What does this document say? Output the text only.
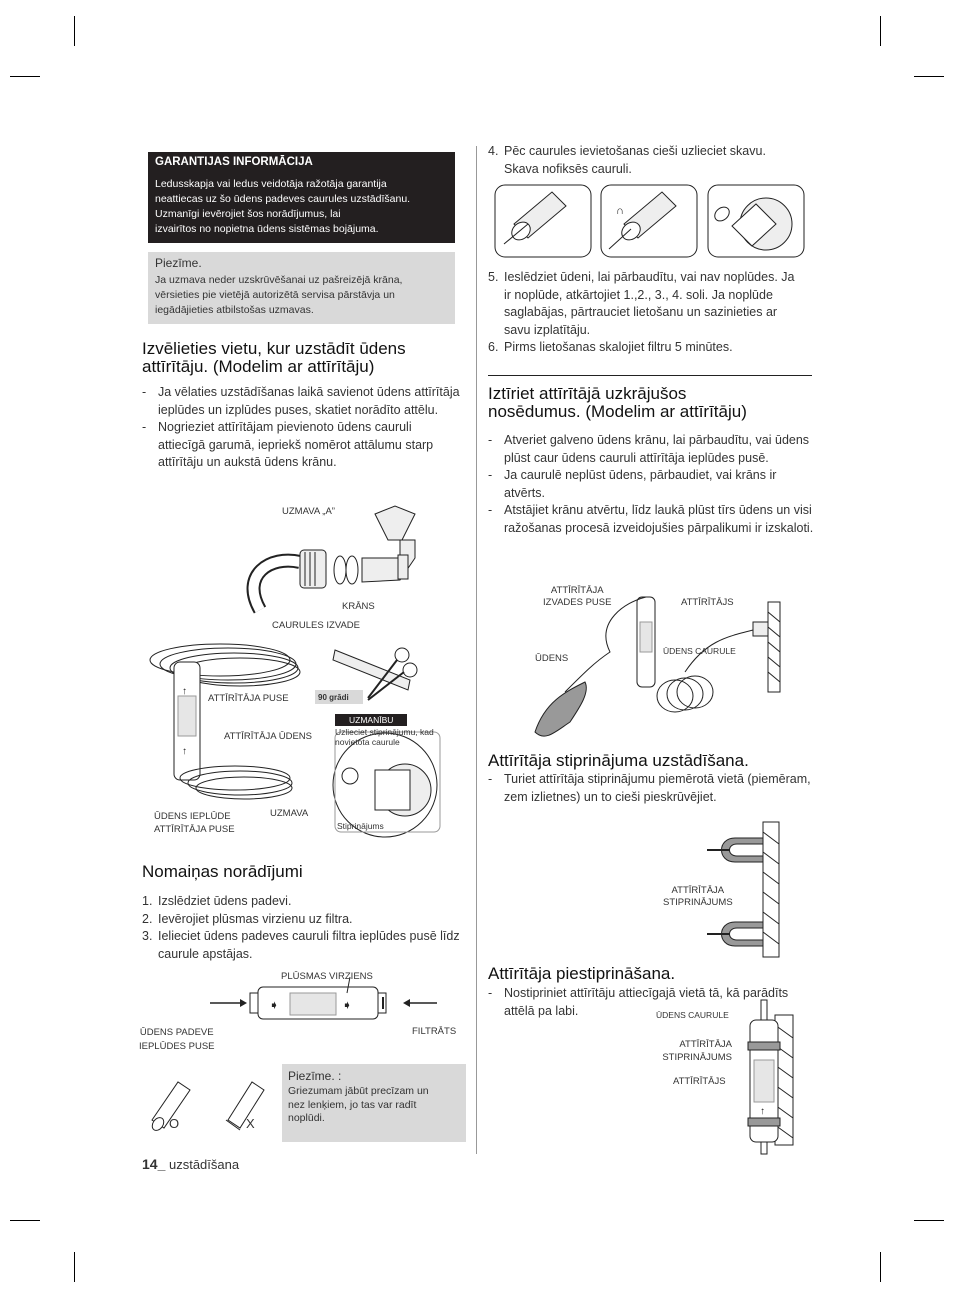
GARANTIJAS INFORMĀCIJA
Ledusskapja vai ledus veidotāja ražotāja garantija
neattiecas uz šo ūdens padeves caurules uzstādīšanu.
Uzmanīgi ievērojiet šos norādījumus, lai
izvairītos no nopietna ūdens sistēmas bojājuma.
Piezīme.
Ja uzmava neder uzskrūvēšanai uz pašreizējā krāna,
vērsieties pie vietējā autorizētā servisa pārstāvja un
iegādājieties atbilstošas uzmavas.
Izvēlieties vietu, kur uzstādīt ūdens
attīrītāju. (Modelim ar attīrītāju)
- Ja vēlaties uzstādīšanas laikā savienot ūdens attīrītāja ieplūdes un izplūdes puses, skatiet norādīto attēlu.
- Nogrieziet attīrītājam pievienoto ūdens cauruli attiecīgā garumā, iepriekš nomērot attālumu starp attīrītāju un aukstā ūdens krānu.
↑
↑
UZMAVA „A”
KRĀNS
CAURULES IZVADE
ATTĪRĪTĀJA PUSE	90 grādi
UZMANĪBU
Uzlieciet stiprinājumu, kad
novietota caurule
ATTĪRĪTĀJA ŪDENS
ŪDENS IEPLŪDE
ATTĪRĪTĀJA PUSE
UZMAVA
Stiprinājums
Nomaiņas norādījumi
1. Izslēdziet ūdens padevi.
2. Ievērojiet plūsmas virzienu uz filtra.
3. Ielieciet ūdens padeves cauruli filtra ieplūdes pusē līdz caurule apstājas.
➧	➧
PLŪSMAS VIRZIENS
ŪDENS PADEVE
IEPLŪDES PUSE
FILTRĀTS
O	X
Piezīme. :
Griezumam jābūt precīzam un
nez lenķiem, jo tas var radīt
noplūdi.
14_ uzstādīšana
4. Pēc caurules ievietošanas cieši uzlieciet skavu. Skava nofiksēs cauruli.
∩
5. Ieslēdziet ūdeni, lai pārbaudītu, vai nav noplūdes. Ja ir noplūde, atkārtojiet 1.,2., 3., 4. soli. Ja noplūde saglabājas, pārtrauciet lietošanu un sazinieties ar savu izplatītāju.
6. Pirms lietošanas skalojiet filtru 5 minūtes.
Iztīriet attīrītājā uzkrājušos
nosēdumus. (Modelim ar attīrītāju)
- Atveriet galveno ūdens krānu, lai pārbaudītu, vai ūdens plūst caur ūdens cauruli attīrītāja ieplūdes pusē.
- Ja caurulē neplūst ūdens, pārbaudiet, vai krāns ir atvērts.
- Atstājiet krānu atvērtu, līdz laukā plūst tīrs ūdens un visi ražošanas procesā izveidojušies pārpalikumi ir izskaloti.
ATTĪRĪTĀJA
IZVADES PUSE	ATTĪRĪTĀJS
ŪDENS
ŪDENS CAURULE
Attīrītāja stiprinājuma uzstādīšana.
- Turiet attīrītāja stiprinājumu piemērotā vietā (piemēram, zem izlietnes) un to cieši pieskrūvējiet.
ATTĪRĪTĀJA
STIPRINĀJUMS
Attīrītāja piestiprināšana.
- Nostipriniet attīrītāju attiecīgajā vietā tā, kā parādīts attēlā pa labi.
↑
ŪDENS CAURULE
ATTĪRĪTĀJA
STIPRINĀJUMS
ATTĪRĪTĀJS
